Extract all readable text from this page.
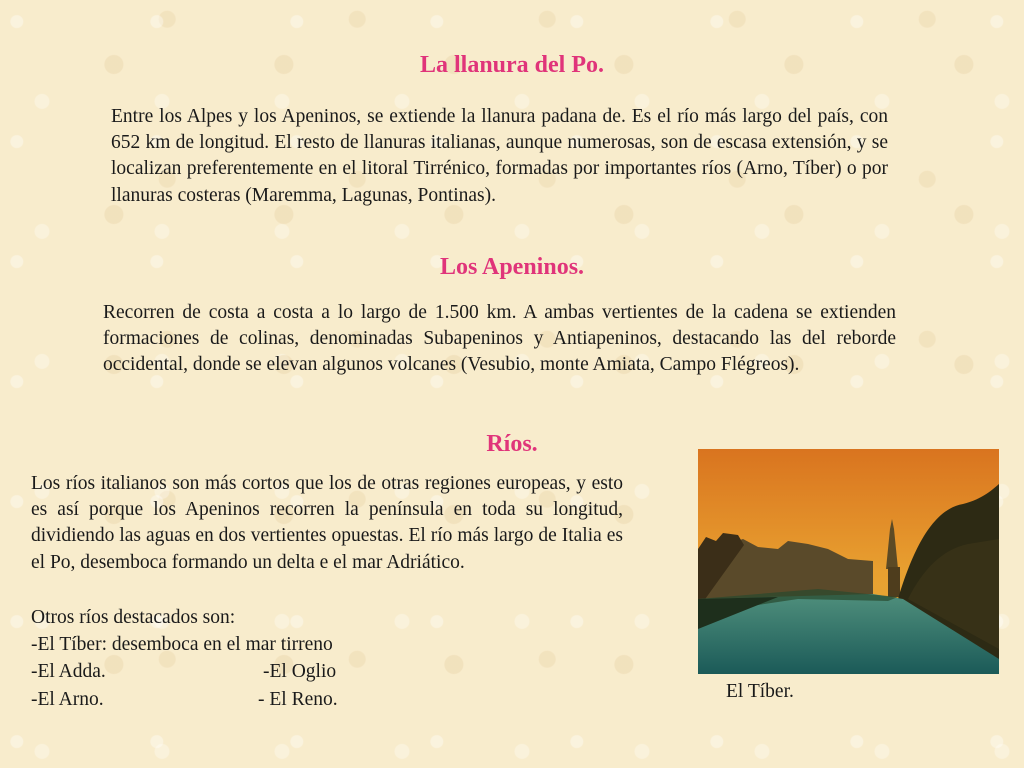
La llanura del Po.

Entre los Alpes y los Apeninos, se extiende la llanura padana de. Es el río más largo del país, con 652 km de longitud. El resto de llanuras italianas, aunque numerosas, son de escasa extensión, y se localizan preferentemente en el litoral Tirrénico, formadas por importantes ríos (Arno, Tíber) o por llanuras costeras (Maremma, Lagunas, Pontinas).

Los Apeninos.

Recorren de costa a costa a lo largo de 1.500 km. A ambas vertientes de la cadena se extienden formaciones de colinas, denominadas Subapeninos y Antiapeninos, destacando las del reborde occidental, donde se elevan algunos volcanes (Vesubio, monte Amiata, Campo Flégreos).

Ríos.

Los ríos italianos son más cortos que los de otras regiones europeas, y esto es así porque los Apeninos recorren la península en toda su longitud, dividiendo las aguas en dos vertientes opuestas. El río más largo de Italia es el Po, desemboca formando un delta e el mar Adriático.

Otros ríos destacados son:

-El Tíber: desemboca en el mar tirreno

-El Adda.	-El Oglio

-El Arno.	- El Reno.	El Tíber.
